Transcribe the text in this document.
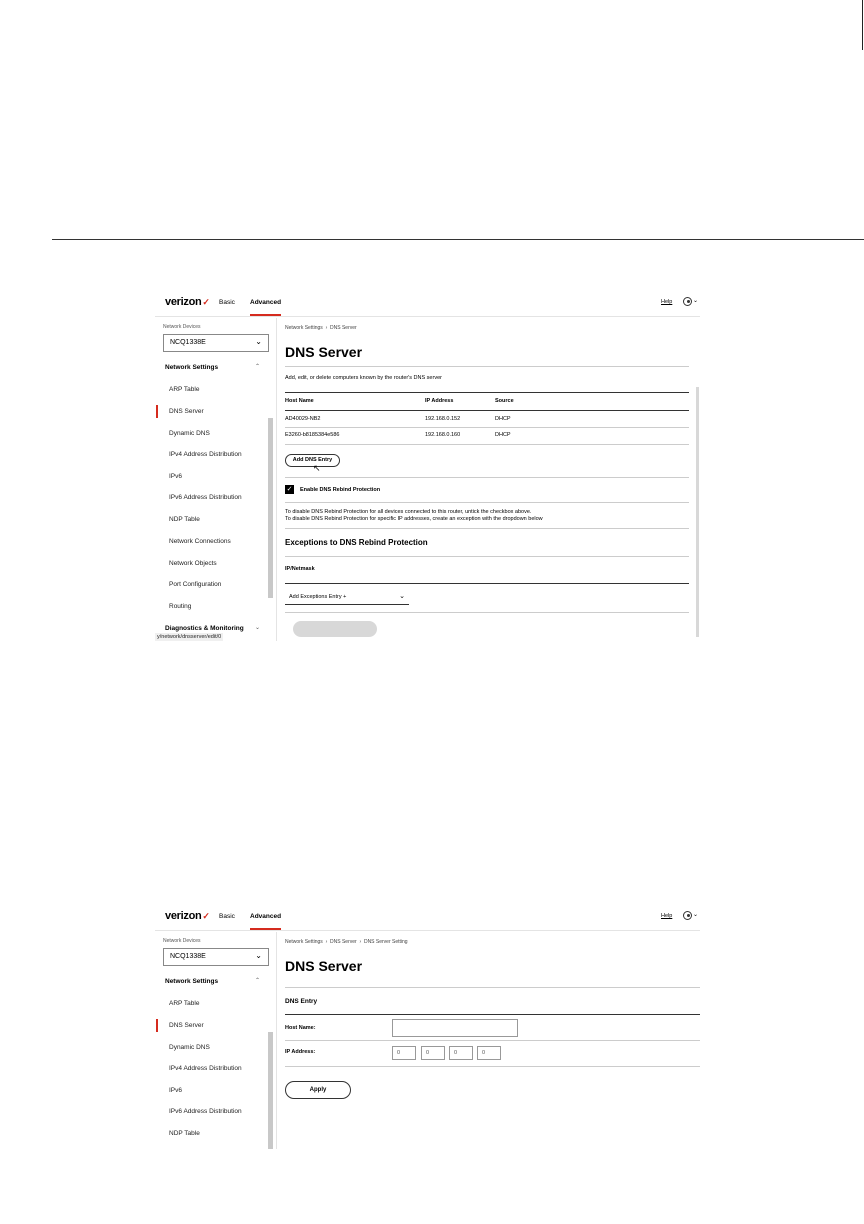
verizon✓ Basic Advanced	Help	⌄
Network Devices
NCQ1338E	⌄
Network Settings	⌃
ARP Table
DNS Server
Dynamic DNS
IPv4 Address Distribution
IPv6
IPv6 Address Distribution
NDP Table
Network Connections
Network Objects
Port Configuration
Routing
Diagnostics & Monitoring ⌄
y/network/dnsserver/edit/0
Network Settings  ›  DNS Server
DNS Server
Add, edit, or delete computers known by the router's DNS server
Host Name	IP Address	Source
AD40029-NB2	192.168.0.152	DHCP
E3260-b8185384e586	192.168.0.160	DHCP
Add DNS Entry
↖
✓ Enable DNS Rebind Protection
To disable DNS Rebind Protection for all devices connected to this router, untick the checkbox above.
To disable DNS Rebind Protection for specific IP addresses, create an exception with the dropdown below
Exceptions to DNS Rebind Protection
IP/Netmask
Add Exceptions Entry +	⌄
verizon✓ Basic Advanced	Help	⌄
Network Devices
NCQ1338E	⌄
Network Settings	⌃
ARP Table
DNS Server
Dynamic DNS
IPv4 Address Distribution
IPv6
IPv6 Address Distribution
NDP Table
Network Settings  ›  DNS Server  ›  DNS Server Setting
DNS Server
DNS Entry
Host Name:
IP Address:	0	0	0	0
Apply
